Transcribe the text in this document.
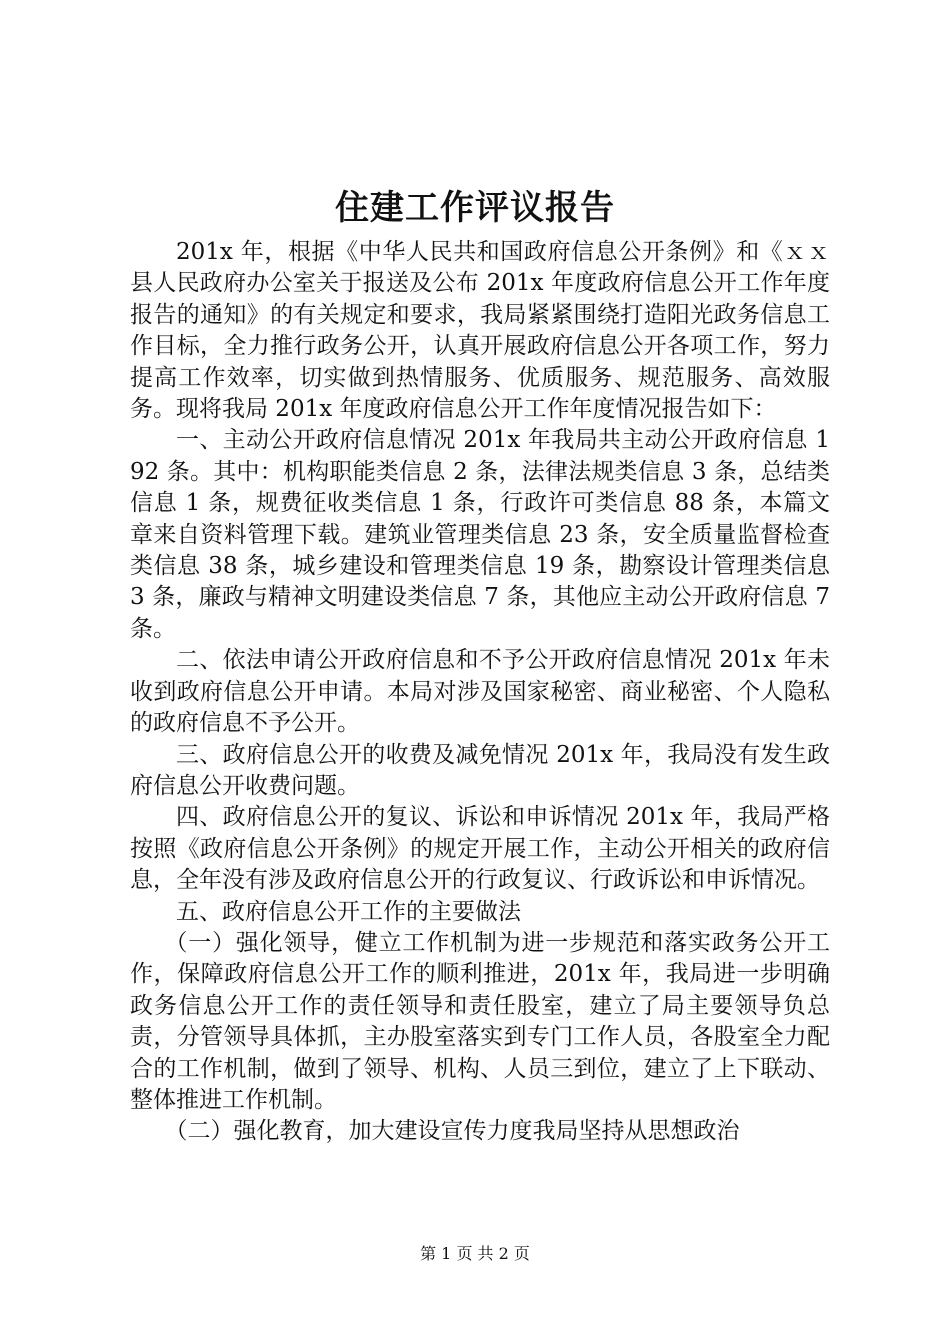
住建工作评议报告

201x 年，根据《中华人民共和国政府信息公开条例》和《ｘｘ县人民政府办公室关于报送及公布 201x 年度政府信息公开工作年度报告的通知》的有关规定和要求，我局紧紧围绕打造阳光政务信息工作目标，全力推行政务公开，认真开展政府信息公开各项工作，努力提高工作效率，切实做到热情服务、优质服务、规范服务、高效服务。现将我局 201x 年度政府信息公开工作年度情况报告如下：

一、主动公开政府信息情况 201x 年我局共主动公开政府信息 192 条。其中：机构职能类信息 2 条，法律法规类信息 3 条，总结类信息 1 条，规费征收类信息 1 条，行政许可类信息 88 条，本篇文章来自资料管理下载。建筑业管理类信息 23 条，安全质量监督检查类信息 38 条，城乡建设和管理类信息 19 条，勘察设计管理类信息 3 条，廉政与精神文明建设类信息 7 条，其他应主动公开政府信息 7 条。

二、依法申请公开政府信息和不予公开政府信息情况 201x 年未收到政府信息公开申请。本局对涉及国家秘密、商业秘密、个人隐私的政府信息不予公开。

三、政府信息公开的收费及减免情况 201x 年，我局没有发生政府信息公开收费问题。

四、政府信息公开的复议、诉讼和申诉情况 201x 年，我局严格按照《政府信息公开条例》的规定开展工作，主动公开相关的政府信息，全年没有涉及政府信息公开的行政复议、行政诉讼和申诉情况。

五、政府信息公开工作的主要做法

（一）强化领导，健立工作机制为进一步规范和落实政务公开工作，保障政府信息公开工作的顺利推进，201x 年，我局进一步明确政务信息公开工作的责任领导和责任股室，建立了局主要领导负总责，分管领导具体抓，主办股室落实到专门工作人员，各股室全力配合的工作机制，做到了领导、机构、人员三到位，建立了上下联动、整体推进工作机制。

（二）强化教育，加大建设宣传力度我局坚持从思想政治

第 1 页 共 2 页
